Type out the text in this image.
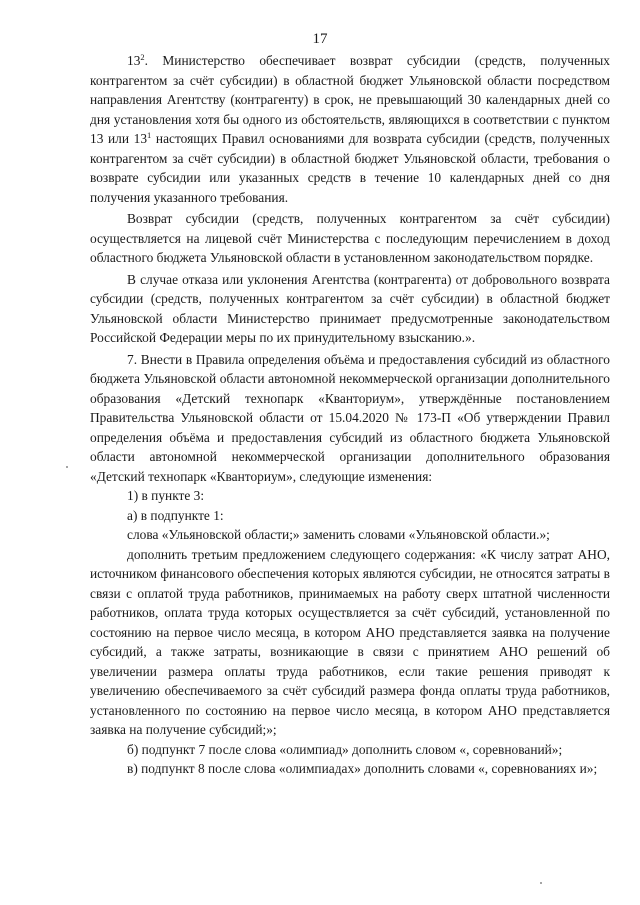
17

$13^2$. Министерство обеспечивает возврат субсидии (средств, полученных контрагентом за счёт субсидии) в областной бюджет Ульяновской области посредством направления Агентству (контрагенту) в срок, не превышающий 30 календарных дней со дня установления хотя бы одного из обстоятельств, являющихся в соответствии с пунктом 13 или $13^1$ настоящих Правил основаниями для возврата субсидии (средств, полученных контрагентом за счёт субсидии) в областной бюджет Ульяновской области, требования о возврате субсидии или указанных средств в течение 10 календарных дней со дня получения указанного требования.

Возврат субсидии (средств, полученных контрагентом за счёт субсидии) осуществляется на лицевой счёт Министерства с последующим перечислением в доход областного бюджета Ульяновской области в установленном законодательством порядке.

В случае отказа или уклонения Агентства (контрагента) от добровольного возврата субсидии (средств, полученных контрагентом за счёт субсидии) в областной бюджет Ульяновской области Министерство принимает предусмотренные законодательством Российской Федерации меры по их принудительному взысканию.».

7. Внести в Правила определения объёма и предоставления субсидий из областного бюджета Ульяновской области автономной некоммерческой организации дополнительного образования «Детский технопарк «Кванториум», утверждённые постановлением Правительства Ульяновской области от 15.04.2020 № 173-П «Об утверждении Правил определения объёма и предоставления субсидий из областного бюджета Ульяновской области автономной некоммерческой организации дополнительного образования «Детский технопарк «Кванториум», следующие изменения:

1) в пункте 3:

а) в подпункте 1:

слова «Ульяновской области;» заменить словами «Ульяновской области.»;

дополнить третьим предложением следующего содержания: «К числу затрат АНО, источником финансового обеспечения которых являются субсидии, не относятся затраты в связи с оплатой труда работников, принимаемых на работу сверх штатной численности работников, оплата труда которых осуществляется за счёт субсидий, установленной по состоянию на первое число месяца, в котором АНО представляется заявка на получение субсидий, а также затраты, возникающие в связи с принятием АНО решений об увеличении размера оплаты труда работников, если такие решения приводят к увеличению обеспечиваемого за счёт субсидий размера фонда оплаты труда работников, установленного по состоянию на первое число месяца, в котором АНО представляется заявка на получение субсидий;»;

б) подпункт 7 после слова «олимпиад» дополнить словом «, соревнований»;

в) подпункт 8 после слова «олимпиадах» дополнить словами «, соревнованиях и»;
